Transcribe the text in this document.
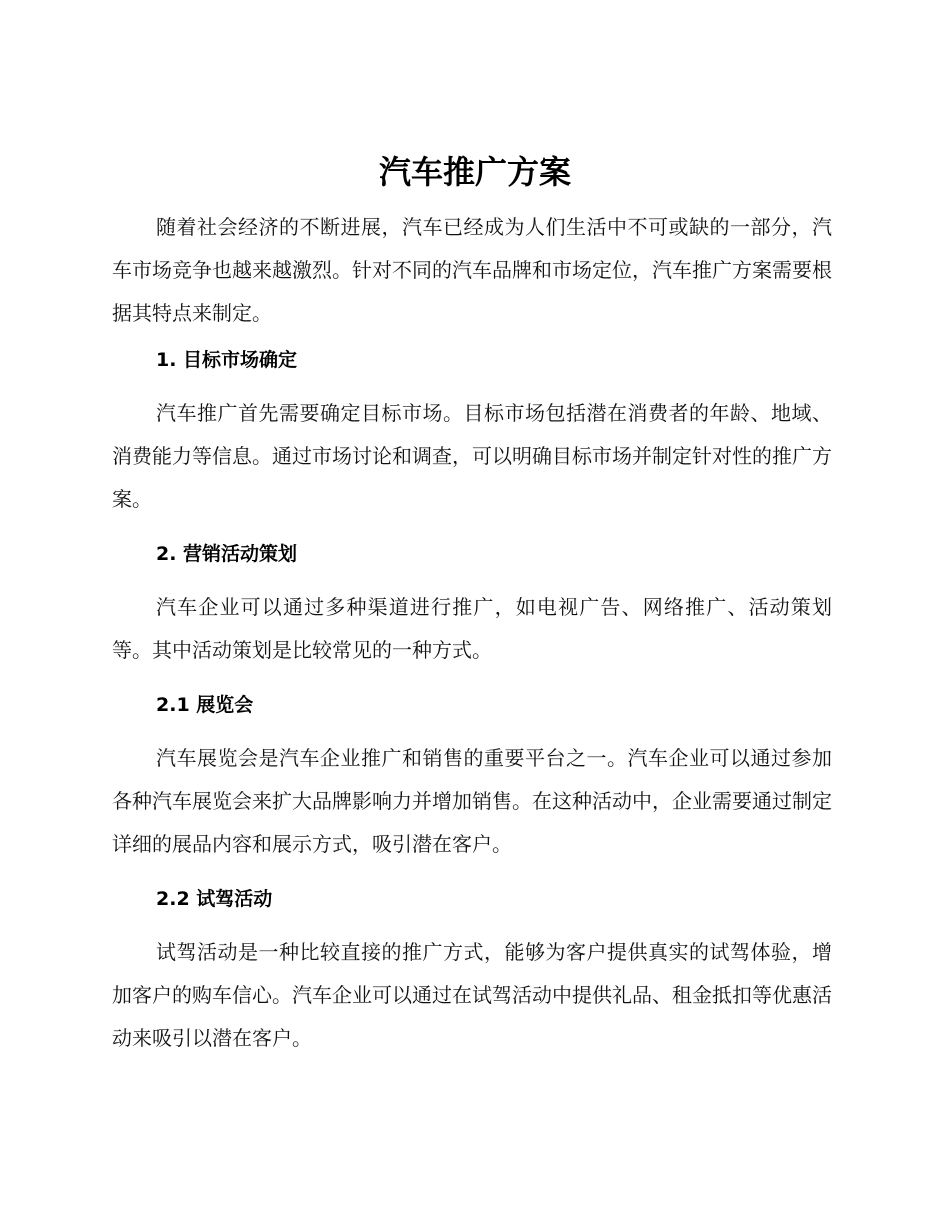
汽车推广方案

随着社会经济的不断进展，汽车已经成为人们生活中不可或缺的一部分，汽车市场竞争也越来越激烈。针对不同的汽车品牌和市场定位，汽车推广方案需要根据其特点来制定。

1. 目标市场确定

汽车推广首先需要确定目标市场。目标市场包括潜在消费者的年龄、地域、消费能力等信息。通过市场讨论和调查，可以明确目标市场并制定针对性的推广方案。

2. 营销活动策划

汽车企业可以通过多种渠道进行推广，如电视广告、网络推广、活动策划等。其中活动策划是比较常见的一种方式。

2.1 展览会

汽车展览会是汽车企业推广和销售的重要平台之一。汽车企业可以通过参加各种汽车展览会来扩大品牌影响力并增加销售。在这种活动中，企业需要通过制定详细的展品内容和展示方式，吸引潜在客户。

2.2 试驾活动

试驾活动是一种比较直接的推广方式，能够为客户提供真实的试驾体验，增加客户的购车信心。汽车企业可以通过在试驾活动中提供礼品、租金抵扣等优惠活动来吸引以潜在客户。
